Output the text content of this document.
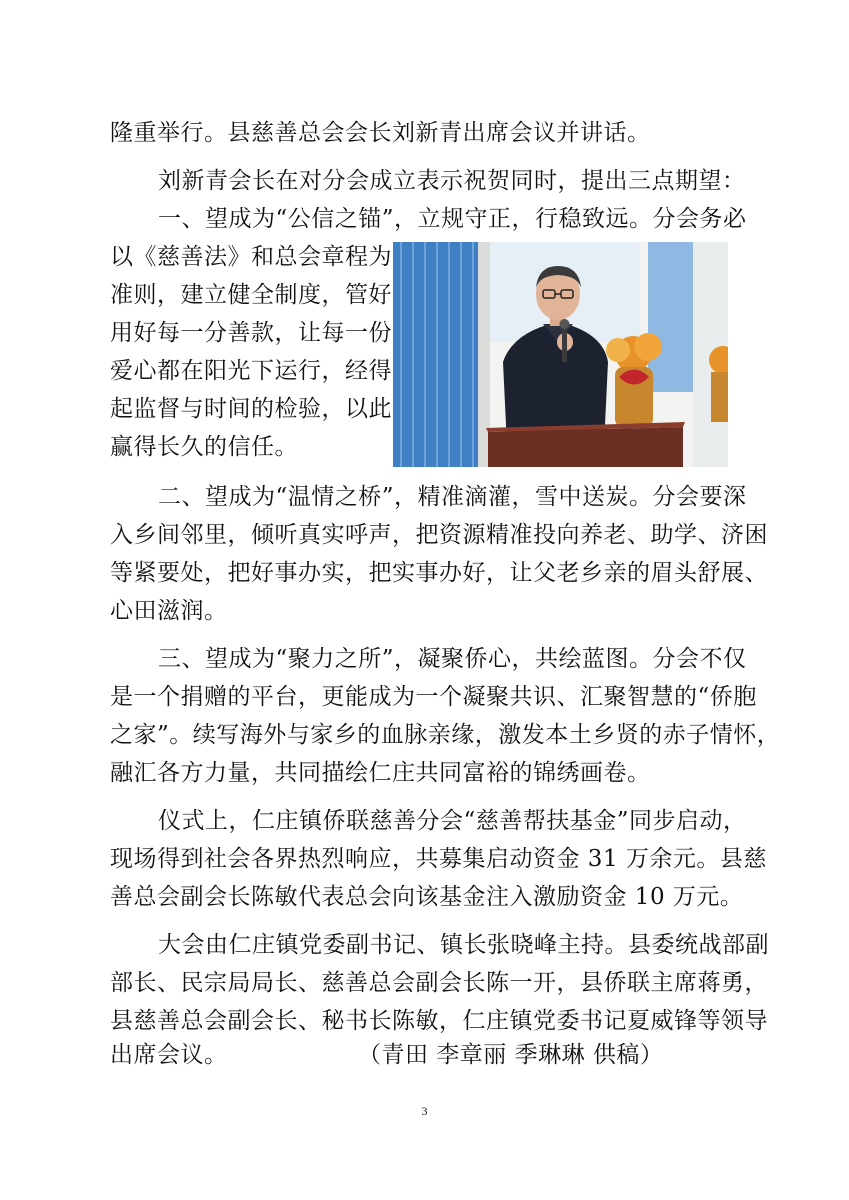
隆重举行。县慈善总会会长刘新青出席会议并讲话。
刘新青会长在对分会成立表示祝贺同时，提出三点期望：
一、望成为“公信之锚”，立规守正，行稳致远。分会务必
以《慈善法》和总会章程为
准则，建立健全制度，管好
用好每一分善款，让每一份
爱心都在阳光下运行，经得
起监督与时间的检验，以此
赢得长久的信任。
二、望成为“温情之桥”，精准滴灌，雪中送炭。分会要深
入乡间邻里，倾听真实呼声，把资源精准投向养老、助学、济困
等紧要处，把好事办实，把实事办好，让父老乡亲的眉头舒展、
心田滋润。
三、望成为“聚力之所”，凝聚侨心，共绘蓝图。分会不仅
是一个捐赠的平台，更能成为一个凝聚共识、汇聚智慧的“侨胞
之家”。续写海外与家乡的血脉亲缘，激发本土乡贤的赤子情怀，
融汇各方力量，共同描绘仁庄共同富裕的锦绣画卷。
仪式上，仁庄镇侨联慈善分会“慈善帮扶基金”同步启动，
现场得到社会各界热烈响应，共募集启动资金 31 万余元。县慈
善总会副会长陈敏代表总会向该基金注入激励资金 10 万元。
大会由仁庄镇党委副书记、镇长张晓峰主持。县委统战部副
部长、民宗局局长、慈善总会副会长陈一开，县侨联主席蒋勇，
县慈善总会副会长、秘书长陈敏，仁庄镇党委书记夏威锋等领导
出席会议。	（青田 李章丽 季琳琳 供稿）
3
